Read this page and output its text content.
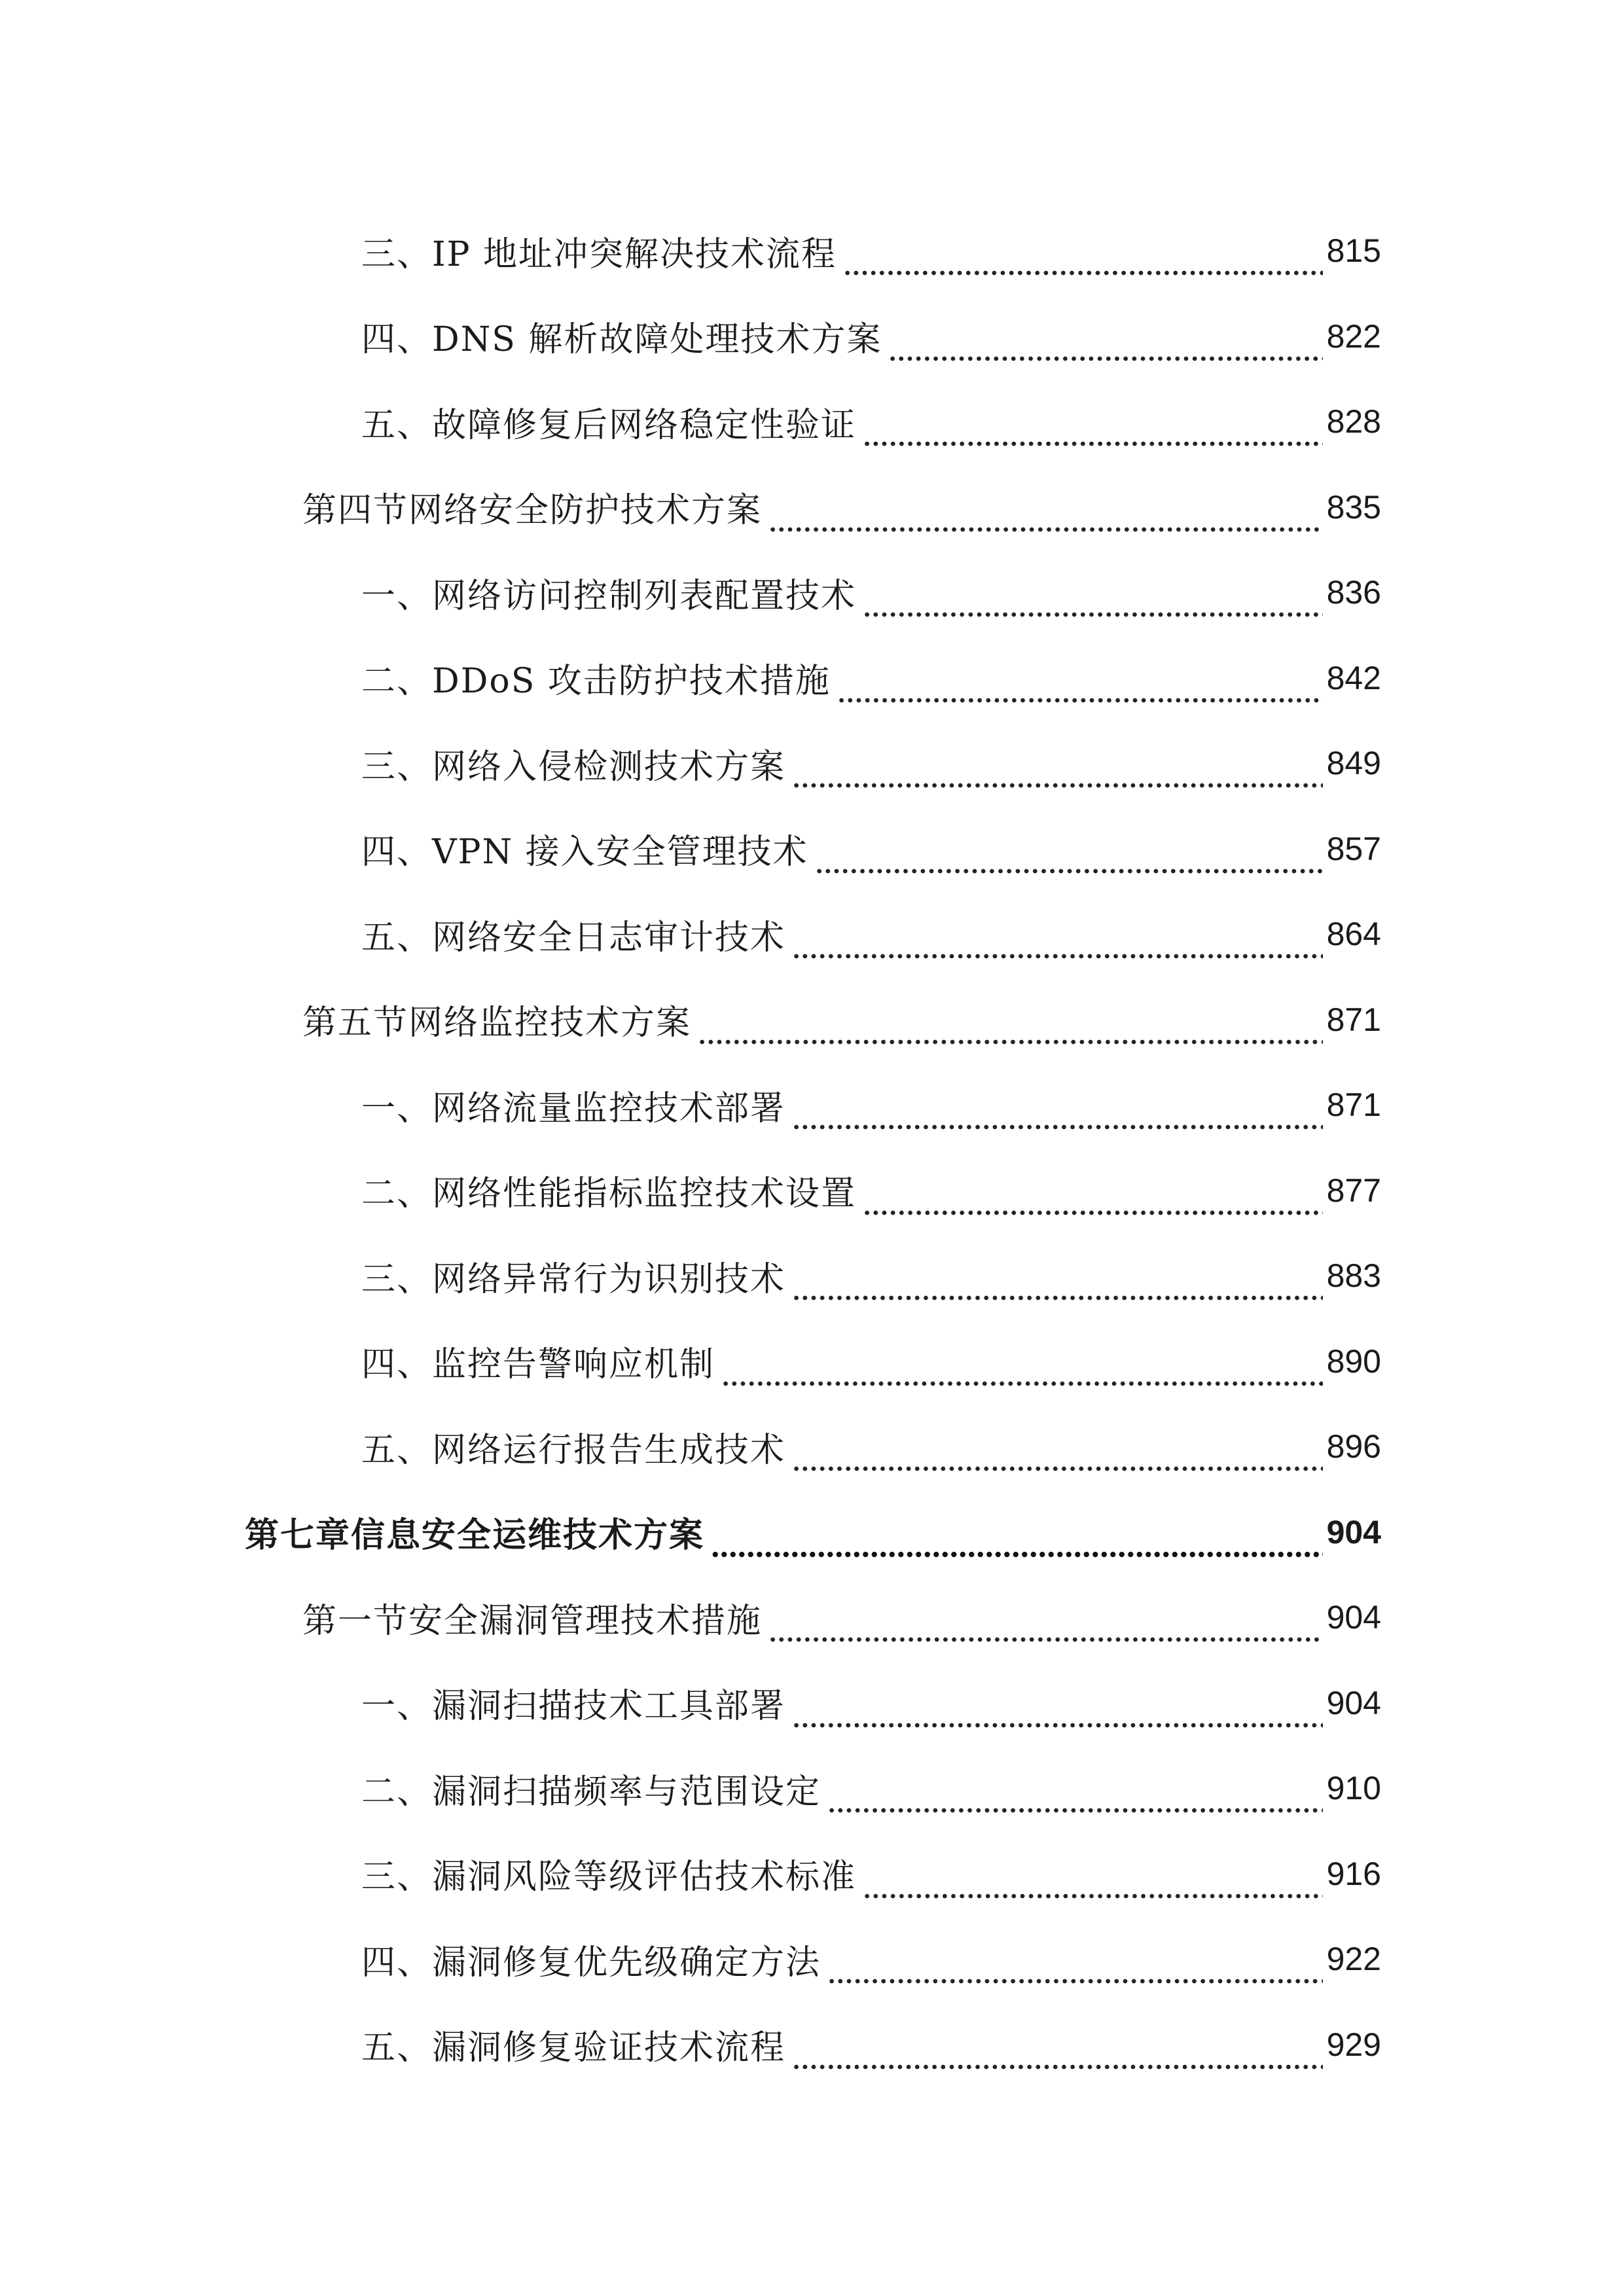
三、IP 地址冲突解决技术流程	815
四、DNS 解析故障处理技术方案	822
五、故障修复后网络稳定性验证	828
第四节网络安全防护技术方案	835
一、网络访问控制列表配置技术	836
二、DDoS 攻击防护技术措施	842
三、网络入侵检测技术方案	849
四、VPN 接入安全管理技术	857
五、网络安全日志审计技术	864
第五节网络监控技术方案	871
一、网络流量监控技术部署	871
二、网络性能指标监控技术设置	877
三、网络异常行为识别技术	883
四、监控告警响应机制	890
五、网络运行报告生成技术	896
第七章信息安全运维技术方案	904
第一节安全漏洞管理技术措施	904
一、漏洞扫描技术工具部署	904
二、漏洞扫描频率与范围设定	910
三、漏洞风险等级评估技术标准	916
四、漏洞修复优先级确定方法	922
五、漏洞修复验证技术流程	929
